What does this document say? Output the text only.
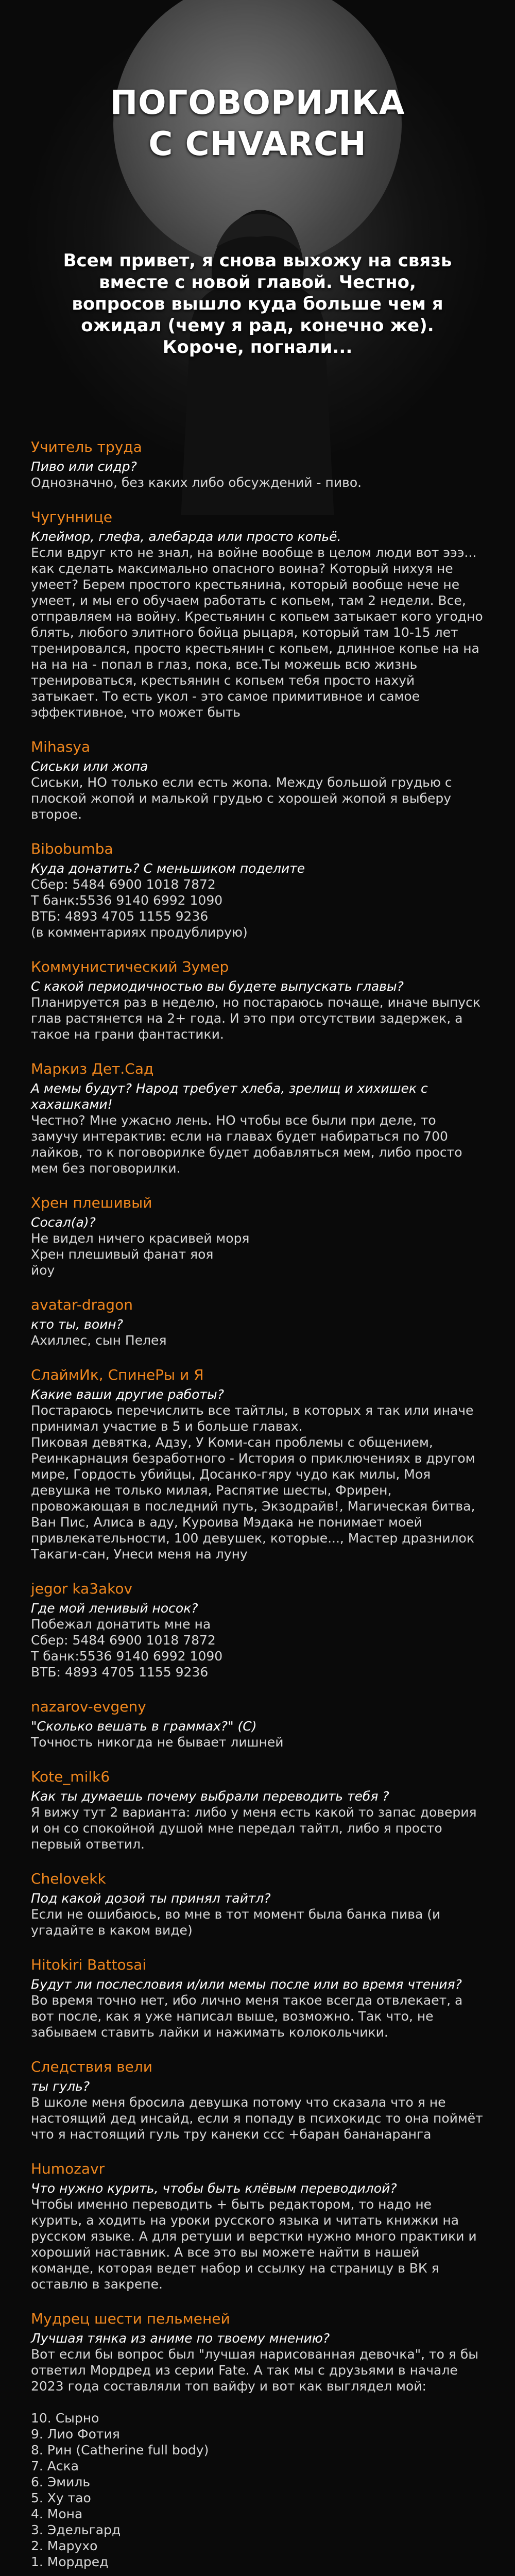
ПОГОВОРИЛКА
С CHVARCH
Всем привет, я снова выхожу на связь вместе с новой главой. Честно, вопросов вышло куда больше чем я ожидал (чему я рад, конечно же). Короче, погнали...
Учитель труда
Пиво или сидр?
Однозначно, без каких либо обсуждений - пиво.
Чугуннице
Клеймор, глефа, алебарда или просто копьё.
Если вдруг кто не знал, на войне вообще в целом люди вот эээ... как сделать максимально опасного воина? Который нихуя не умеет? Берем простого крестьянина, который вообще нече не умеет, и мы его обучаем работать с копьем, там 2 недели. Все, отправляем на войну. Крестьянин с копьем затыкает кого угодно блять, любого элитного бойца рыцаря, который там 10-15 лет тренировался, просто крестьянин с копьем, длинное копье на на на на на - попал в глаз, пока, все.Ты можешь всю жизнь тренироваться, крестьянин с копьем тебя просто нахуй затыкает. То есть укол - это самое примитивное и самое эффективное, что может быть
Mihasya
Сиськи или жопа
Сиськи, НО только если есть жопа. Между большой грудью с плоской жопой и малькой грудью с хорошей жопой я выберу второе.
Bibobumba
Куда донатить? С меньшиком поделите
Сбер: 5484 6900 1018 7872
Т банк:5536 9140 6992 1090
ВТБ: 4893 4705 1155 9236
(в комментариях продублирую)
Коммунистический Зумер
С какой периодичностью вы будете выпускать главы?
Планируется раз в неделю, но постараюсь почаще, иначе выпуск глав растянется на 2+ года. И это при отсутствии задержек, а такое на грани фантастики.
Маркиз Дет.Сад
А мемы будут? Народ требует хлеба, зрелищ и хихишек с хахашками!
Честно? Мне ужасно лень. НО чтобы все были при деле, то замучу интерактив: если на главах будет набираться по 700 лайков, то к поговорилке будет добавляться мем, либо просто мем без поговорилки.
Хрен плешивый
Сосал(а)?
Не видел ничего красивей моря
Хрен плешивый фанат яоя
йоу
avatar-dragon
кто ты, воин?
Ахиллес, сын Пелея
СлаймИк, СпинеРы и Я
Какие ваши другие работы?
Постараюсь перечислить все тайтлы, в которых я так или иначе принимал участие в 5 и больше главах.
Пиковая девятка, Адзу, У Коми-сан проблемы с общением, Реинкарнация безработного - История о приключениях в другом мире, Гордость убийцы, Досанко-гяру чудо как милы, Моя девушка не только милая, Распятие шесты, Фрирен, провожающая в последний путь, Экзодрайв!, Магическая битва, Ван Пис, Алиса в аду, Куроива Мэдака не понимает моей привлекательности, 100 девушек, которые..., Мастер дразнилок Такаги-сан, Унеси меня на луну
jegor ka3akov
Где мой ленивый носок?
Побежал донатить мне на
Сбер: 5484 6900 1018 7872
Т банк:5536 9140 6992 1090
ВТБ: 4893 4705 1155 9236
nazarov-evgeny
"Сколько вешать в граммах?" (С)
Точность никогда не бывает лишней
Kote_milk6
Как ты думаешь почему выбрали переводить тебя ?
Я вижу тут 2 варианта: либо у меня есть какой то запас доверия и он со спокойной душой мне передал тайтл, либо я просто первый ответил.
Chelovekk
Под какой дозой ты принял тайтл?
Если не ошибаюсь, во мне в тот момент была банка пива (и угадайте в каком виде)
Hitokiri Battosai
Будут ли послесловия и/или мемы после или во время чтения?
Во время точно нет, ибо лично меня такое всегда отвлекает, а вот после, как я уже написал выше, возможно. Так что, не забываем ставить лайки и нажимать колокольчики.
Следствия вели
ты гуль?
В школе меня бросила девушка потому что сказала что я не настоящий дед инсайд, если я попаду в психокидс то она поймёт что я настоящий гуль тру канеки ссс +баран бананаранга
Humozavr
Что нужно курить, чтобы быть клёвым переводилой?
Чтобы именно переводить + быть редактором, то надо не курить, а ходить на уроки русского языка и читать книжки на русском языке. А для ретуши и верстки нужно много практики и хороший наставник. А все это вы можете найти в нашей команде, которая ведет набор и ссылку на страницу в ВК я оставлю в закрепе.
Мудрец шести пельменей
Лучшая тянка из аниме по твоему мнению?
Вот если бы вопрос был "лучшая нарисованная девочка", то я бы ответил Мордред из серии Fate. А так мы с друзьями в начале 2023 года составляли топ вайфу и вот как выглядел мой:

10. Сырно
9. Лио Фотия
8. Рин (Catherine full body)
7. Аска
6. Эмиль
5. Ху тао
4. Мона
3. Эдельгард
2. Марухо
1. Мордред
